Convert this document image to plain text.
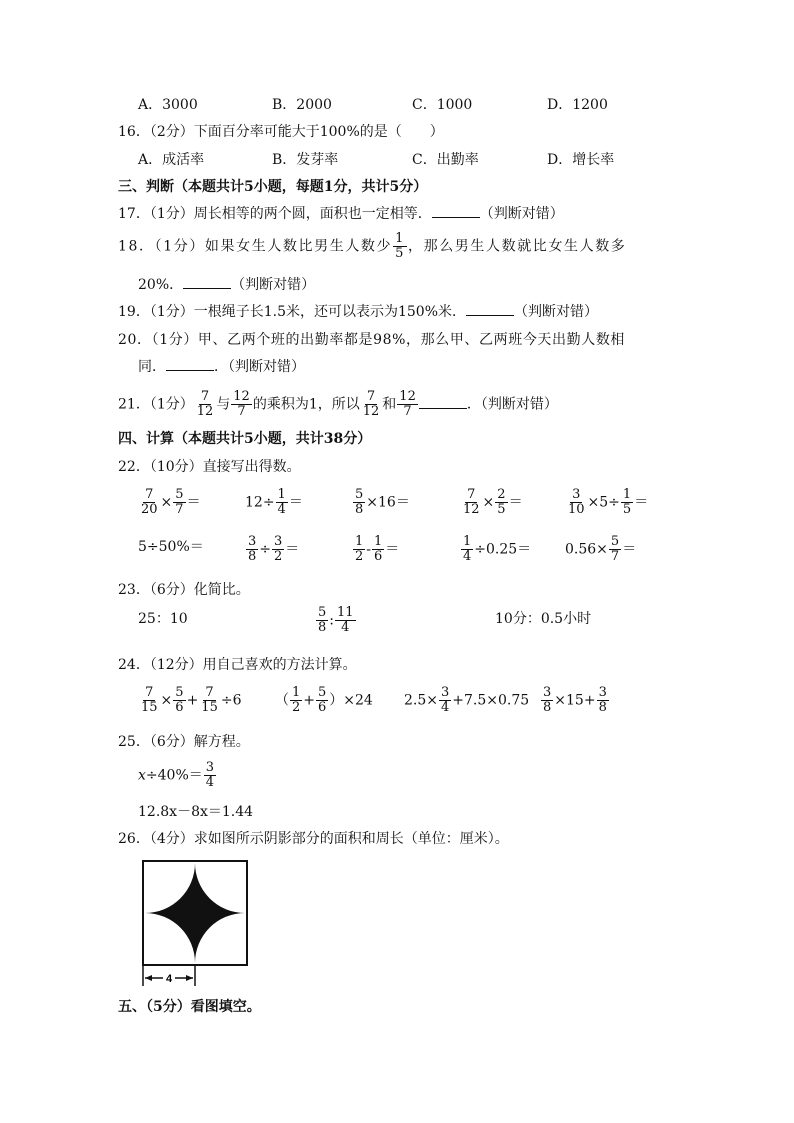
A．3000	B．2000	C．1000	D．1200
16．（2分）下面百分率可能大于100%的是（　　）
A．成活率	B．发芽率	C．出勤率	D．增长率
三、判断（本题共计5小题，每题1分，共计5分）
17．（1分）周长相等的两个圆，面积也一定相等．	（判断对错）
18．（1分）如果女生人数比男生人数少 $\frac{1}{5}$ ，那么男生人数就比女生人数多
20%．	（判断对错）
19．（1分）一根绳子长1.5米，还可以表示为150%米．	（判断对错）
20．（1分）甲、乙两个班的出勤率都是98%，那么甲、乙两班今天出勤人数相
同．	．（判断对错）
21．（1分） $\frac{7}{12}$ 与 $\frac{12}{7}$ 的乘积为1，所以 $\frac{7}{12}$ 和 $\frac{12}{7}$	．（判断对错）
四、计算（本题共计5小题，共计38分）
22．（10分）直接写出得数。
$\frac{7}{20} \times \frac{5}{7}$ ＝	$12\div \frac{1}{4}$ ＝	$\frac{5}{8} \times 16=$	$\frac{7}{12} \times \frac{2}{5}$ ＝	$\frac{3}{10} \times 5\div \frac{1}{5}$ ＝
5÷50%＝	$\frac{3}{8} \div \frac{3}{2}$ ＝	$\frac{1}{2} - \frac{1}{6}$ ＝	$\frac{1}{4} \div 0.25= 0.56\times \frac{5}{7}$ ＝
23．（6分）化简比。
25：10	$\frac{5}{8}$ : $\frac{11}{4}$	10分：0.5小时
24．（12分）用自己喜欢的方法计算。
$\frac{7}{15} \times \frac{5}{6} + \frac{7}{15} \div 6$ （ $\frac{1}{2} + \frac{5}{6} )\times 24$ $2.5\times \frac{3}{4} +7.5\times 0.75 \frac{3}{8} \times 15+ \frac{3}{8}$
25．（6分）解方程。
$x\div 40\%= \frac{3}{4}$
12.8x－8x＝1.44
26．（4分）求如图所示阴影部分的面积和周长（单位：厘米）。
4
五、（5分）看图填空。
